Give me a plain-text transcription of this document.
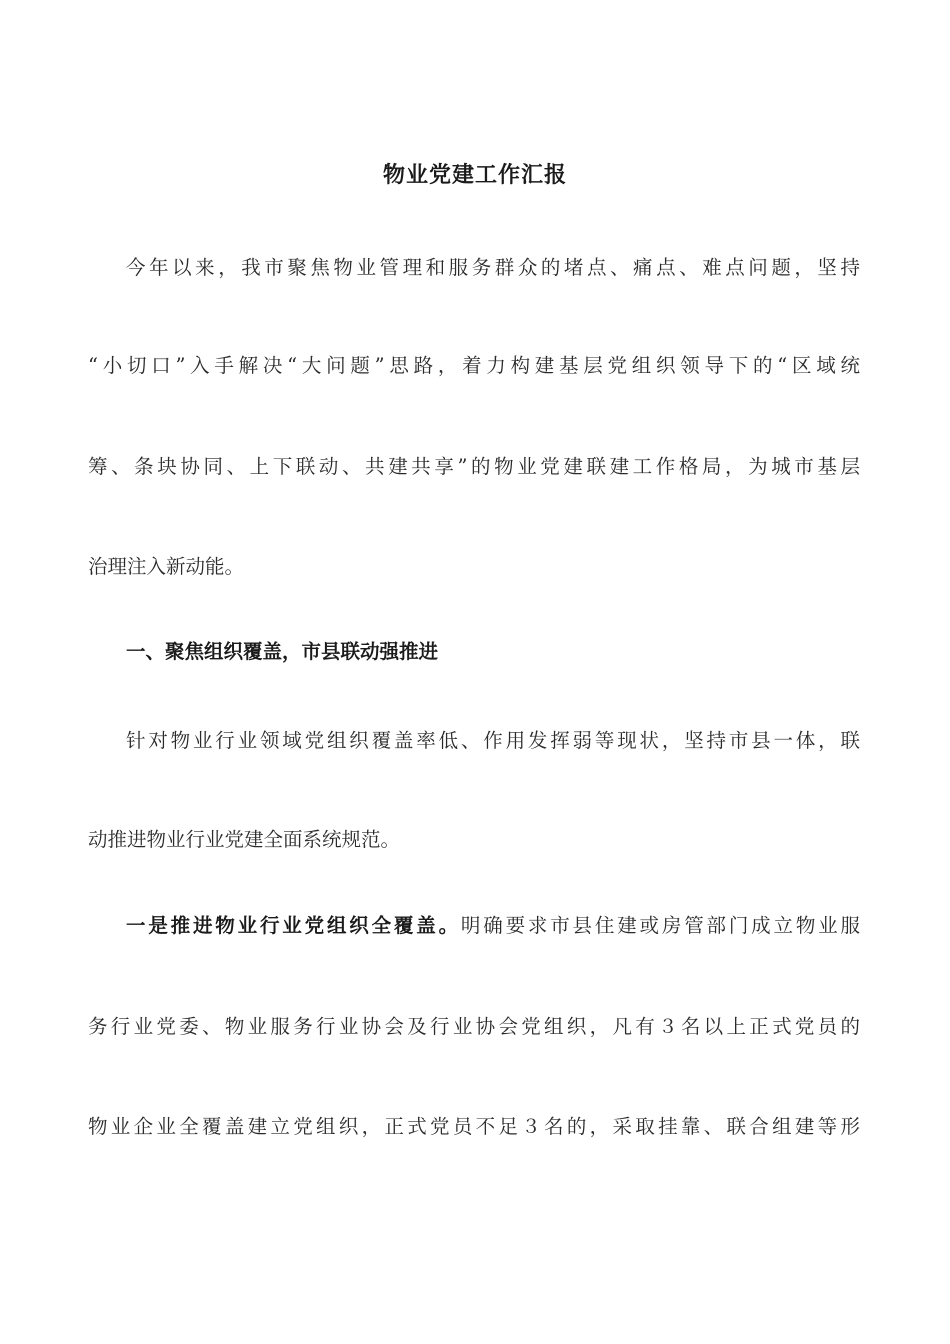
物业党建工作汇报
今年以来，我市聚焦物业管理和服务群众的堵点、痛点、难点问题，坚持
“小切口”入手解决“大问题”思路，着力构建基层党组织领导下的“区域统
筹、条块协同、上下联动、共建共享”的物业党建联建工作格局，为城市基层
治理注入新动能。
一、聚焦组织覆盖，市县联动强推进
针对物业行业领域党组织覆盖率低、作用发挥弱等现状，坚持市县一体，联
动推进物业行业党建全面系统规范。
一是推进物业行业党组织全覆盖。明确要求市县住建或房管部门成立物业服
务行业党委、物业服务行业协会及行业协会党组织，凡有３名以上正式党员的
物业企业全覆盖建立党组织，正式党员不足３名的，采取挂靠、联合组建等形
